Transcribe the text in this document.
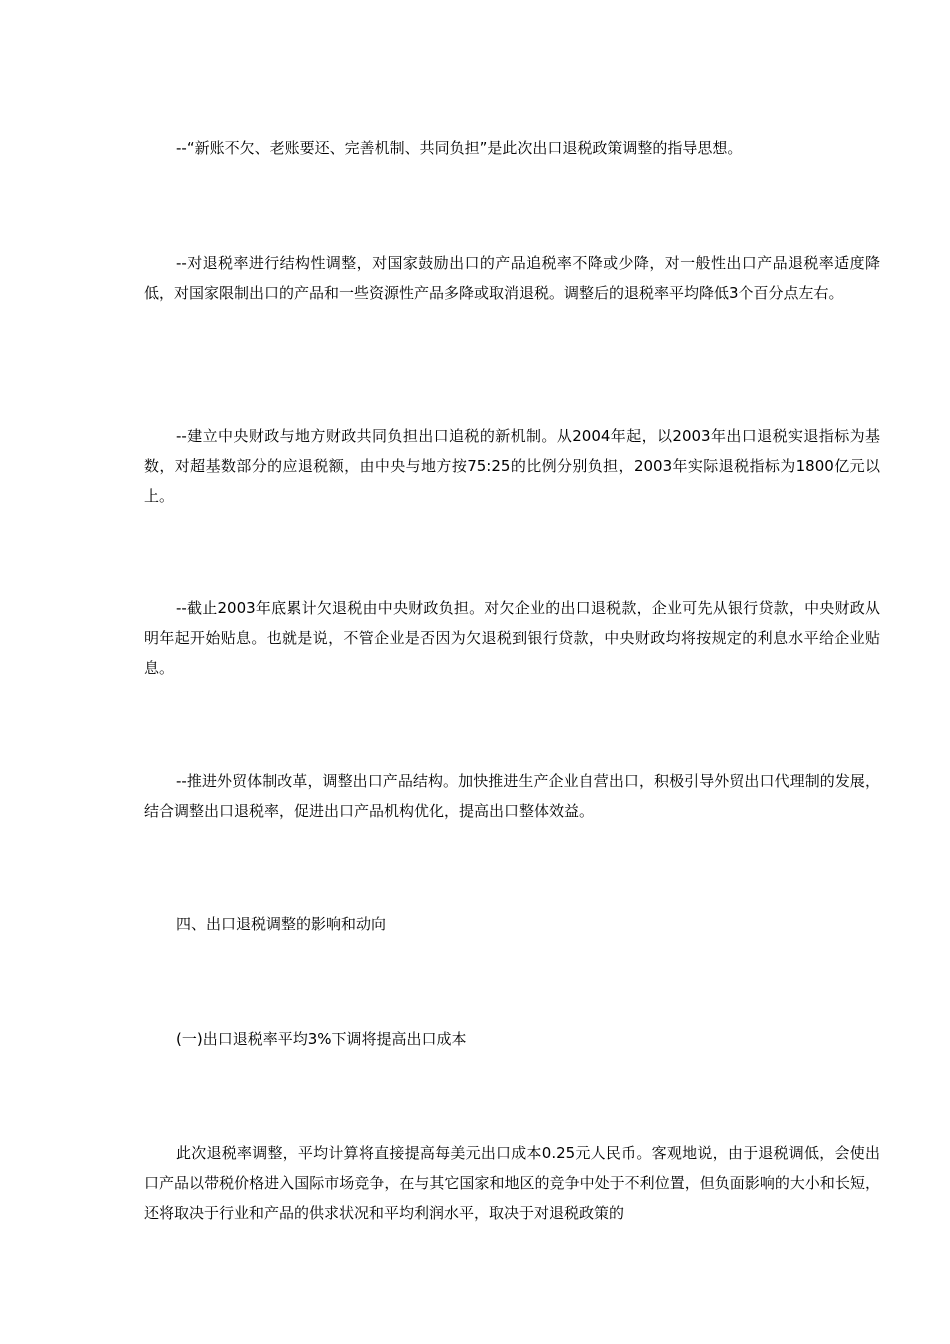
--“新账不欠、老账要还、完善机制、共同负担”是此次出口退税政策调整的指导思想。

--对退税率进行结构性调整，对国家鼓励出口的产品追税率不降或少降，对一般性出口产品退税率适度降低，对国家限制出口的产品和一些资源性产品多降或取消退税。调整后的退税率平均降低3个百分点左右。

--建立中央财政与地方财政共同负担出口追税的新机制。从2004年起，以2003年出口退税实退指标为基数，对超基数部分的应退税额，由中央与地方按75:25的比例分别负担，2003年实际退税指标为1800亿元以上。

--截止2003年底累计欠退税由中央财政负担。对欠企业的出口退税款，企业可先从银行贷款，中央财政从明年起开始贴息。也就是说，不管企业是否因为欠退税到银行贷款，中央财政均将按规定的利息水平给企业贴息。

--推进外贸体制改革，调整出口产品结构。加快推进生产企业自营出口，积极引导外贸出口代理制的发展，结合调整出口退税率，促进出口产品机构优化，提高出口整体效益。

四、出口退税调整的影响和动向

(一)出口退税率平均3%下调将提高出口成本

此次退税率调整，平均计算将直接提高每美元出口成本0.25元人民币。客观地说，由于退税调低，会使出口产品以带税价格进入国际市场竞争，在与其它国家和地区的竞争中处于不利位置，但负面影响的大小和长短，还将取决于行业和产品的供求状况和平均利润水平，取决于对退税政策的
